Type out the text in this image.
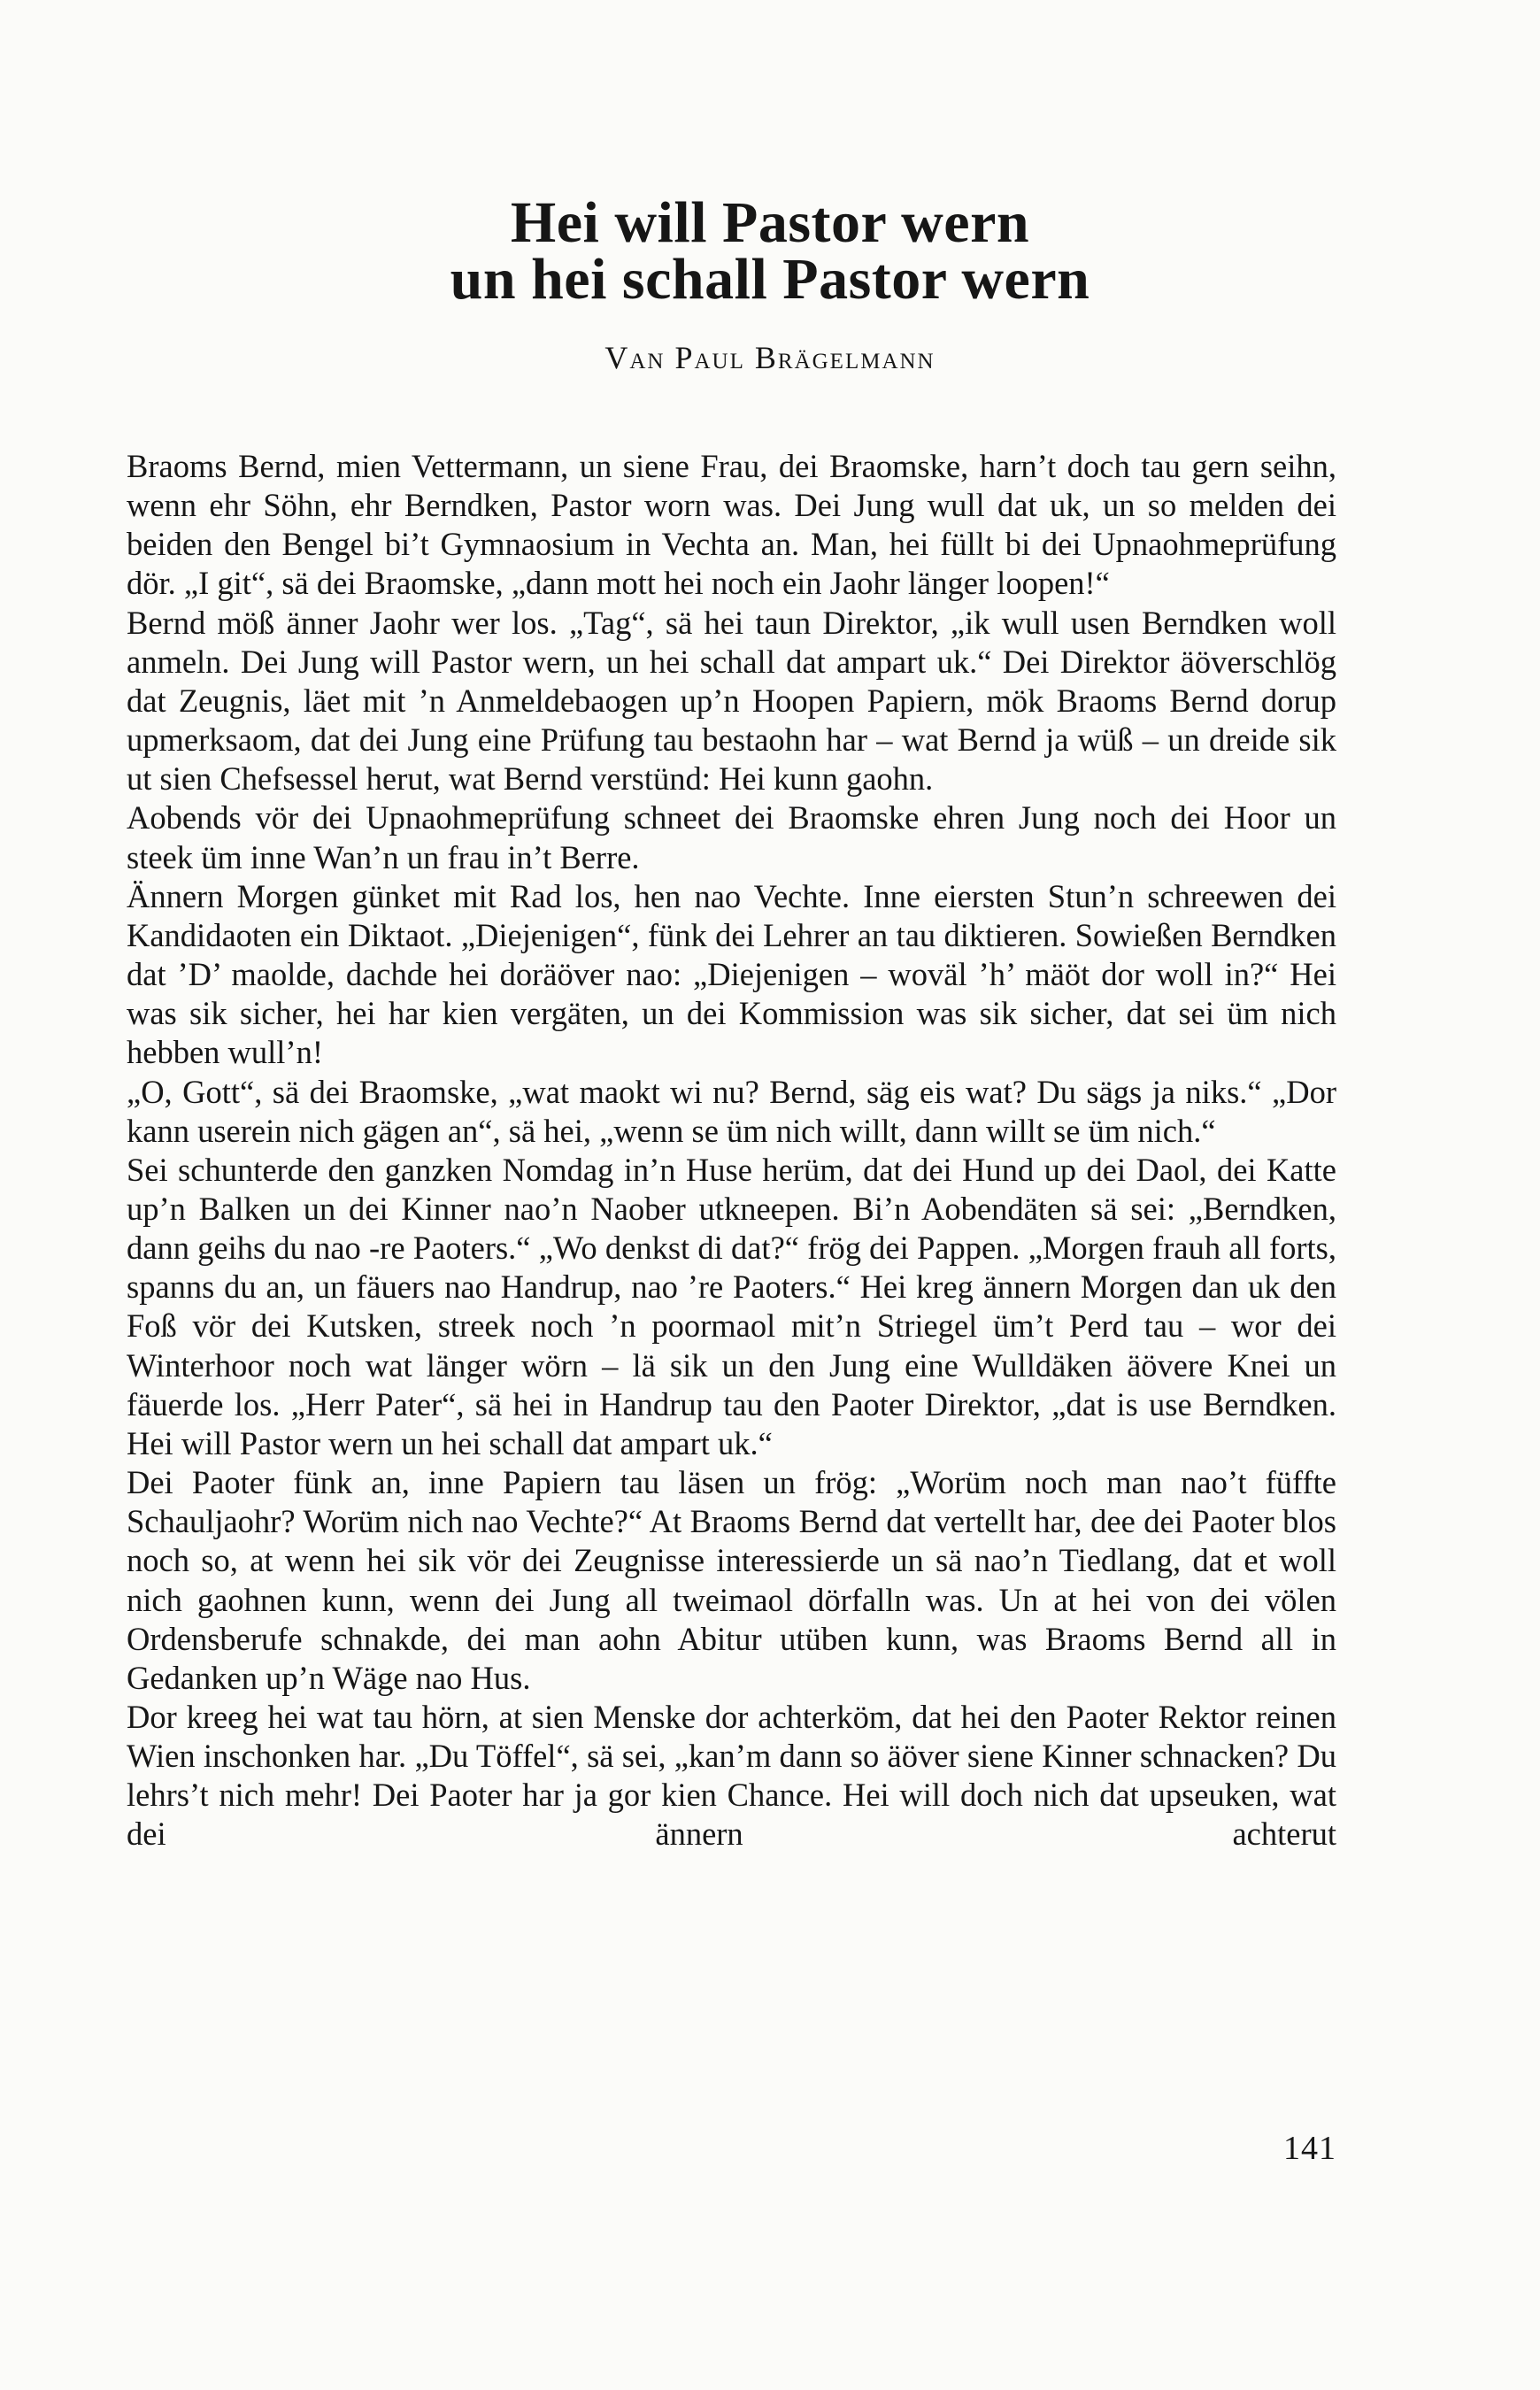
Hei will Pastor wern
un hei schall Pastor wern
Van Paul Brägelmann

Braoms Bernd, mien Vettermann, un siene Frau, dei Braomske, harn’t doch tau gern seihn, wenn ehr Söhn, ehr Berndken, Pastor worn was. Dei Jung wull dat uk, un so melden dei beiden den Bengel bi’t Gymnaosium in Vechta an. Man, hei füllt bi dei Upnaohmeprüfung dör. „I git“, sä dei Braomske, „dann mott hei noch ein Jaohr länger loopen!“

Bernd möß änner Jaohr wer los. „Tag“, sä hei taun Direktor, „ik wull usen Berndken woll anmeln. Dei Jung will Pastor wern, un hei schall dat ampart uk.“ Dei Direktor äöverschlög dat Zeugnis, läet mit ’n Anmeldebaogen up’n Hoopen Papiern, mök Braoms Bernd dorup upmerksaom, dat dei Jung eine Prüfung tau bestaohn har – wat Bernd ja wüß – un dreide sik ut sien Chefsessel herut, wat Bernd verstünd: Hei kunn gaohn.

Aobends vör dei Upnaohmeprüfung schneet dei Braomske ehren Jung noch dei Hoor un steek üm inne Wan’n un frau in’t Berre.

Ännern Morgen günket mit Rad los, hen nao Vechte. Inne eiersten Stun’n schreewen dei Kandidaoten ein Diktaot. „Diejenigen“, fünk dei Lehrer an tau diktieren. Sowießen Berndken dat ’D’ maolde, dachde hei doräöver nao: „Diejenigen – woväl ’h’ mäöt dor woll in?“ Hei was sik sicher, hei har kien vergäten, un dei Kommission was sik sicher, dat sei üm nich hebben wull’n!

„O, Gott“, sä dei Braomske, „wat maokt wi nu? Bernd, säg eis wat? Du sägs ja niks.“ „Dor kann userein nich gägen an“, sä hei, „wenn se üm nich willt, dann willt se üm nich.“

Sei schunterde den ganzken Nomdag in’n Huse herüm, dat dei Hund up dei Daol, dei Katte up’n Balken un dei Kinner nao’n Naober utkneepen. Bi’n Aobendäten sä sei: „Berndken, dann geihs du nao -re Paoters.“ „Wo denkst di dat?“ frög dei Pappen. „Morgen frauh all forts, spanns du an, un fäuers nao Handrup, nao ’re Paoters.“ Hei kreg ännern Morgen dan uk den Foß vör dei Kutsken, streek noch ’n poormaol mit’n Striegel üm’t Perd tau – wor dei Winterhoor noch wat länger wörn – lä sik un den Jung eine Wulldäken äövere Knei un fäuerde los. „Herr Pater“, sä hei in Handrup tau den Paoter Direktor, „dat is use Berndken. Hei will Pastor wern un hei schall dat ampart uk.“

Dei Paoter fünk an, inne Papiern tau läsen un frög: „Worüm noch man nao’t füffte Schauljaohr? Worüm nich nao Vechte?“ At Braoms Bernd dat vertellt har, dee dei Paoter blos noch so, at wenn hei sik vör dei Zeugnisse interessierde un sä nao’n Tiedlang, dat et woll nich gaohnen kunn, wenn dei Jung all tweimaol dörfalln was. Un at hei von dei völen Ordensberufe schnakde, dei man aohn Abitur utüben kunn, was Braoms Bernd all in Gedanken up’n Wäge nao Hus.

Dor kreeg hei wat tau hörn, at sien Menske dor achterköm, dat hei den Paoter Rektor reinen Wien inschonken har. „Du Töffel“, sä sei, „kan’m dann so äöver siene Kinner schnacken? Du lehrs’t nich mehr! Dei Paoter har ja gor kien Chance. Hei will doch nich dat upseuken, wat dei ännern achterut

141
